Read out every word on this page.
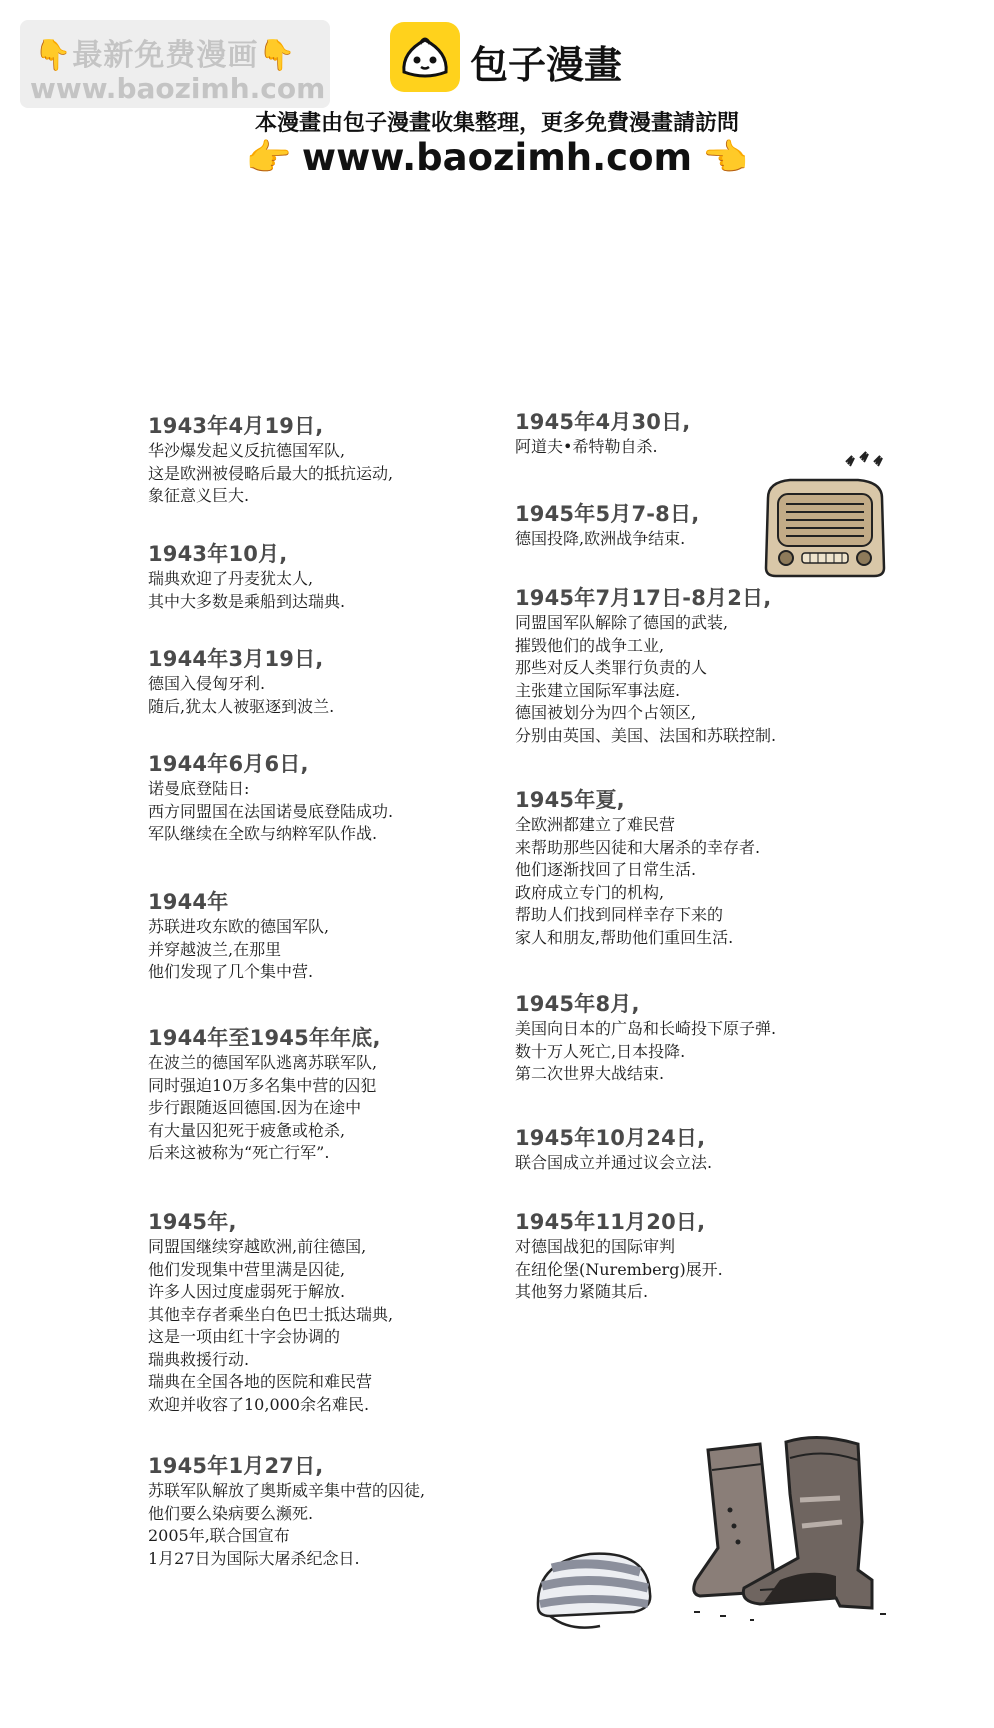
👇最新免费漫画👇
www.baozimh.com
包子漫畫
本漫畫由包子漫畫收集整理，更多免費漫畫請訪問
👉 www.baozimh.com 👈
1943年4月19日,
华沙爆发起义反抗德国军队,
这是欧洲被侵略后最大的抵抗运动,
象征意义巨大.
1943年10月,
瑞典欢迎了丹麦犹太人,
其中大多数是乘船到达瑞典.
1944年3月19日,
德国入侵匈牙利.
随后,犹太人被驱逐到波兰.
1944年6月6日,
诺曼底登陆日:
西方同盟国在法国诺曼底登陆成功.
军队继续在全欧与纳粹军队作战.
1944年
苏联进攻东欧的德国军队,
并穿越波兰,在那里
他们发现了几个集中营.
1944年至1945年年底,
在波兰的德国军队逃离苏联军队,
同时强迫10万多名集中营的囚犯
步行跟随返回德国.因为在途中
有大量囚犯死于疲惫或枪杀,
后来这被称为“死亡行军”.
1945年,
同盟国继续穿越欧洲,前往德国,
他们发现集中营里满是囚徒,
许多人因过度虚弱死于解放.
其他幸存者乘坐白色巴士抵达瑞典,
这是一项由红十字会协调的
瑞典救援行动.
瑞典在全国各地的医院和难民营
欢迎并收容了10,000余名难民.
1945年1月27日,
苏联军队解放了奥斯威辛集中营的囚徒,
他们要么染病要么濒死.
2005年,联合国宣布
1月27日为国际大屠杀纪念日.
1945年4月30日,
阿道夫•希特勒自杀.
1945年5月7-8日,
德国投降,欧洲战争结束.
1945年7月17日-8月2日,
同盟国军队解除了德国的武装,
摧毁他们的战争工业,
那些对反人类罪行负责的人
主张建立国际军事法庭.
德国被划分为四个占领区,
分别由英国、美国、法国和苏联控制.
1945年夏,
全欧洲都建立了难民营
来帮助那些囚徒和大屠杀的幸存者.
他们逐渐找回了日常生活.
政府成立专门的机构,
帮助人们找到同样幸存下来的
家人和朋友,帮助他们重回生活.
1945年8月,
美国向日本的广岛和长崎投下原子弹.
数十万人死亡,日本投降.
第二次世界大战结束.
1945年10月24日,
联合国成立并通过议会立法.
1945年11月20日,
对德国战犯的国际审判
在纽伦堡(Nuremberg)展开.
其他努力紧随其后.
